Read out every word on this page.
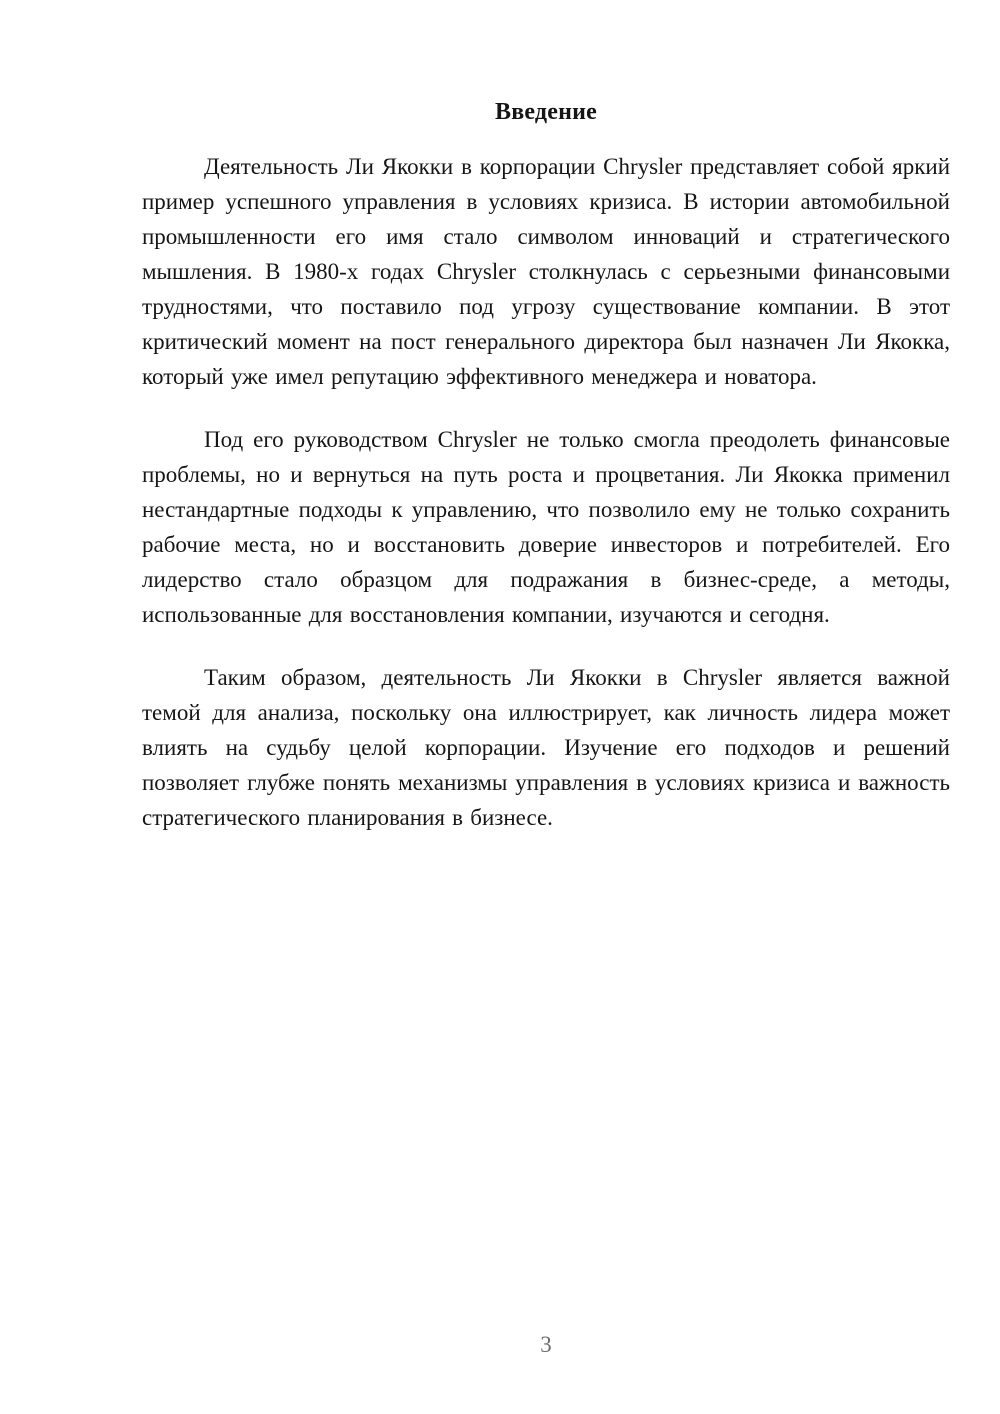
Введение

Деятельность Ли Якокки в корпорации Chrysler представляет собой яркий пример успешного управления в условиях кризиса. В истории автомобильной промышленности его имя стало символом инноваций и стратегического мышления. В 1980-х годах Chrysler столкнулась с серьезными финансовыми трудностями, что поставило под угрозу существование компании. В этот критический момент на пост генерального директора был назначен Ли Якокка, который уже имел репутацию эффективного менеджера и новатора.

Под его руководством Chrysler не только смогла преодолеть финансовые проблемы, но и вернуться на путь роста и процветания. Ли Якокка применил нестандартные подходы к управлению, что позволило ему не только сохранить рабочие места, но и восстановить доверие инвесторов и потребителей. Его лидерство стало образцом для подражания в бизнес-среде, а методы, использованные для восстановления компании, изучаются и сегодня.

Таким образом, деятельность Ли Якокки в Chrysler является важной темой для анализа, поскольку она иллюстрирует, как личность лидера может влиять на судьбу целой корпорации. Изучение его подходов и решений позволяет глубже понять механизмы управления в условиях кризиса и важность стратегического планирования в бизнесе.

3
